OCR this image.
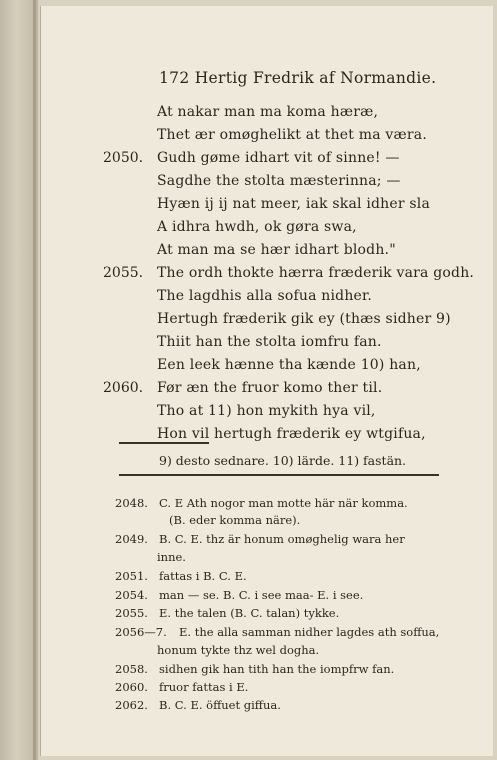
172 Hertig Fredrik af Normandie.
At nakar man ma koma hæræ,
Thet ær omøghelikt at thet ma væra.
2050. Gudh gøme idhart vit of sinne! —
Sagdhe the stolta mæsterinna; —
Hyæn ij ij nat meer, iak skal idher sla
A idhra hwdh, ok gøra swa,
At man ma se hær idhart blodh."
2055. The ordh thokte hærra fræderik vara godh.
The lagdhis alla sofua nidher.
Hertugh fræderik gik ey (thæs sidher 9)
Thiit han the stolta iomfru fan.
Een leek hænne tha kænde 10) han,
2060. Før æn the fruor komo ther til.
Tho at 11) hon mykith hya vil,
Hon vil hertugh fræderik ey wtgifua,
9) desto sednare. 10) lärde. 11) fastän.
2048. C. E Ath nogor man motte här när komma.
(B. eder komma näre).
2049. B. C. E. thz är honum omøghelig wara her
inne.
2051. fattas i B. C. E.
2054. man — se. B. C. i see maa- E. i see.
2055. E. the talen (B. C. talan) tykke.
2056—7. E. the alla samman nidher lagdes ath soffua,
honum tykte thz wel dogha.
2058. sidhen gik han tith han the iompfrw fan.
2060. fruor fattas i E.
2062. B. C. E. öffuet giffua.
